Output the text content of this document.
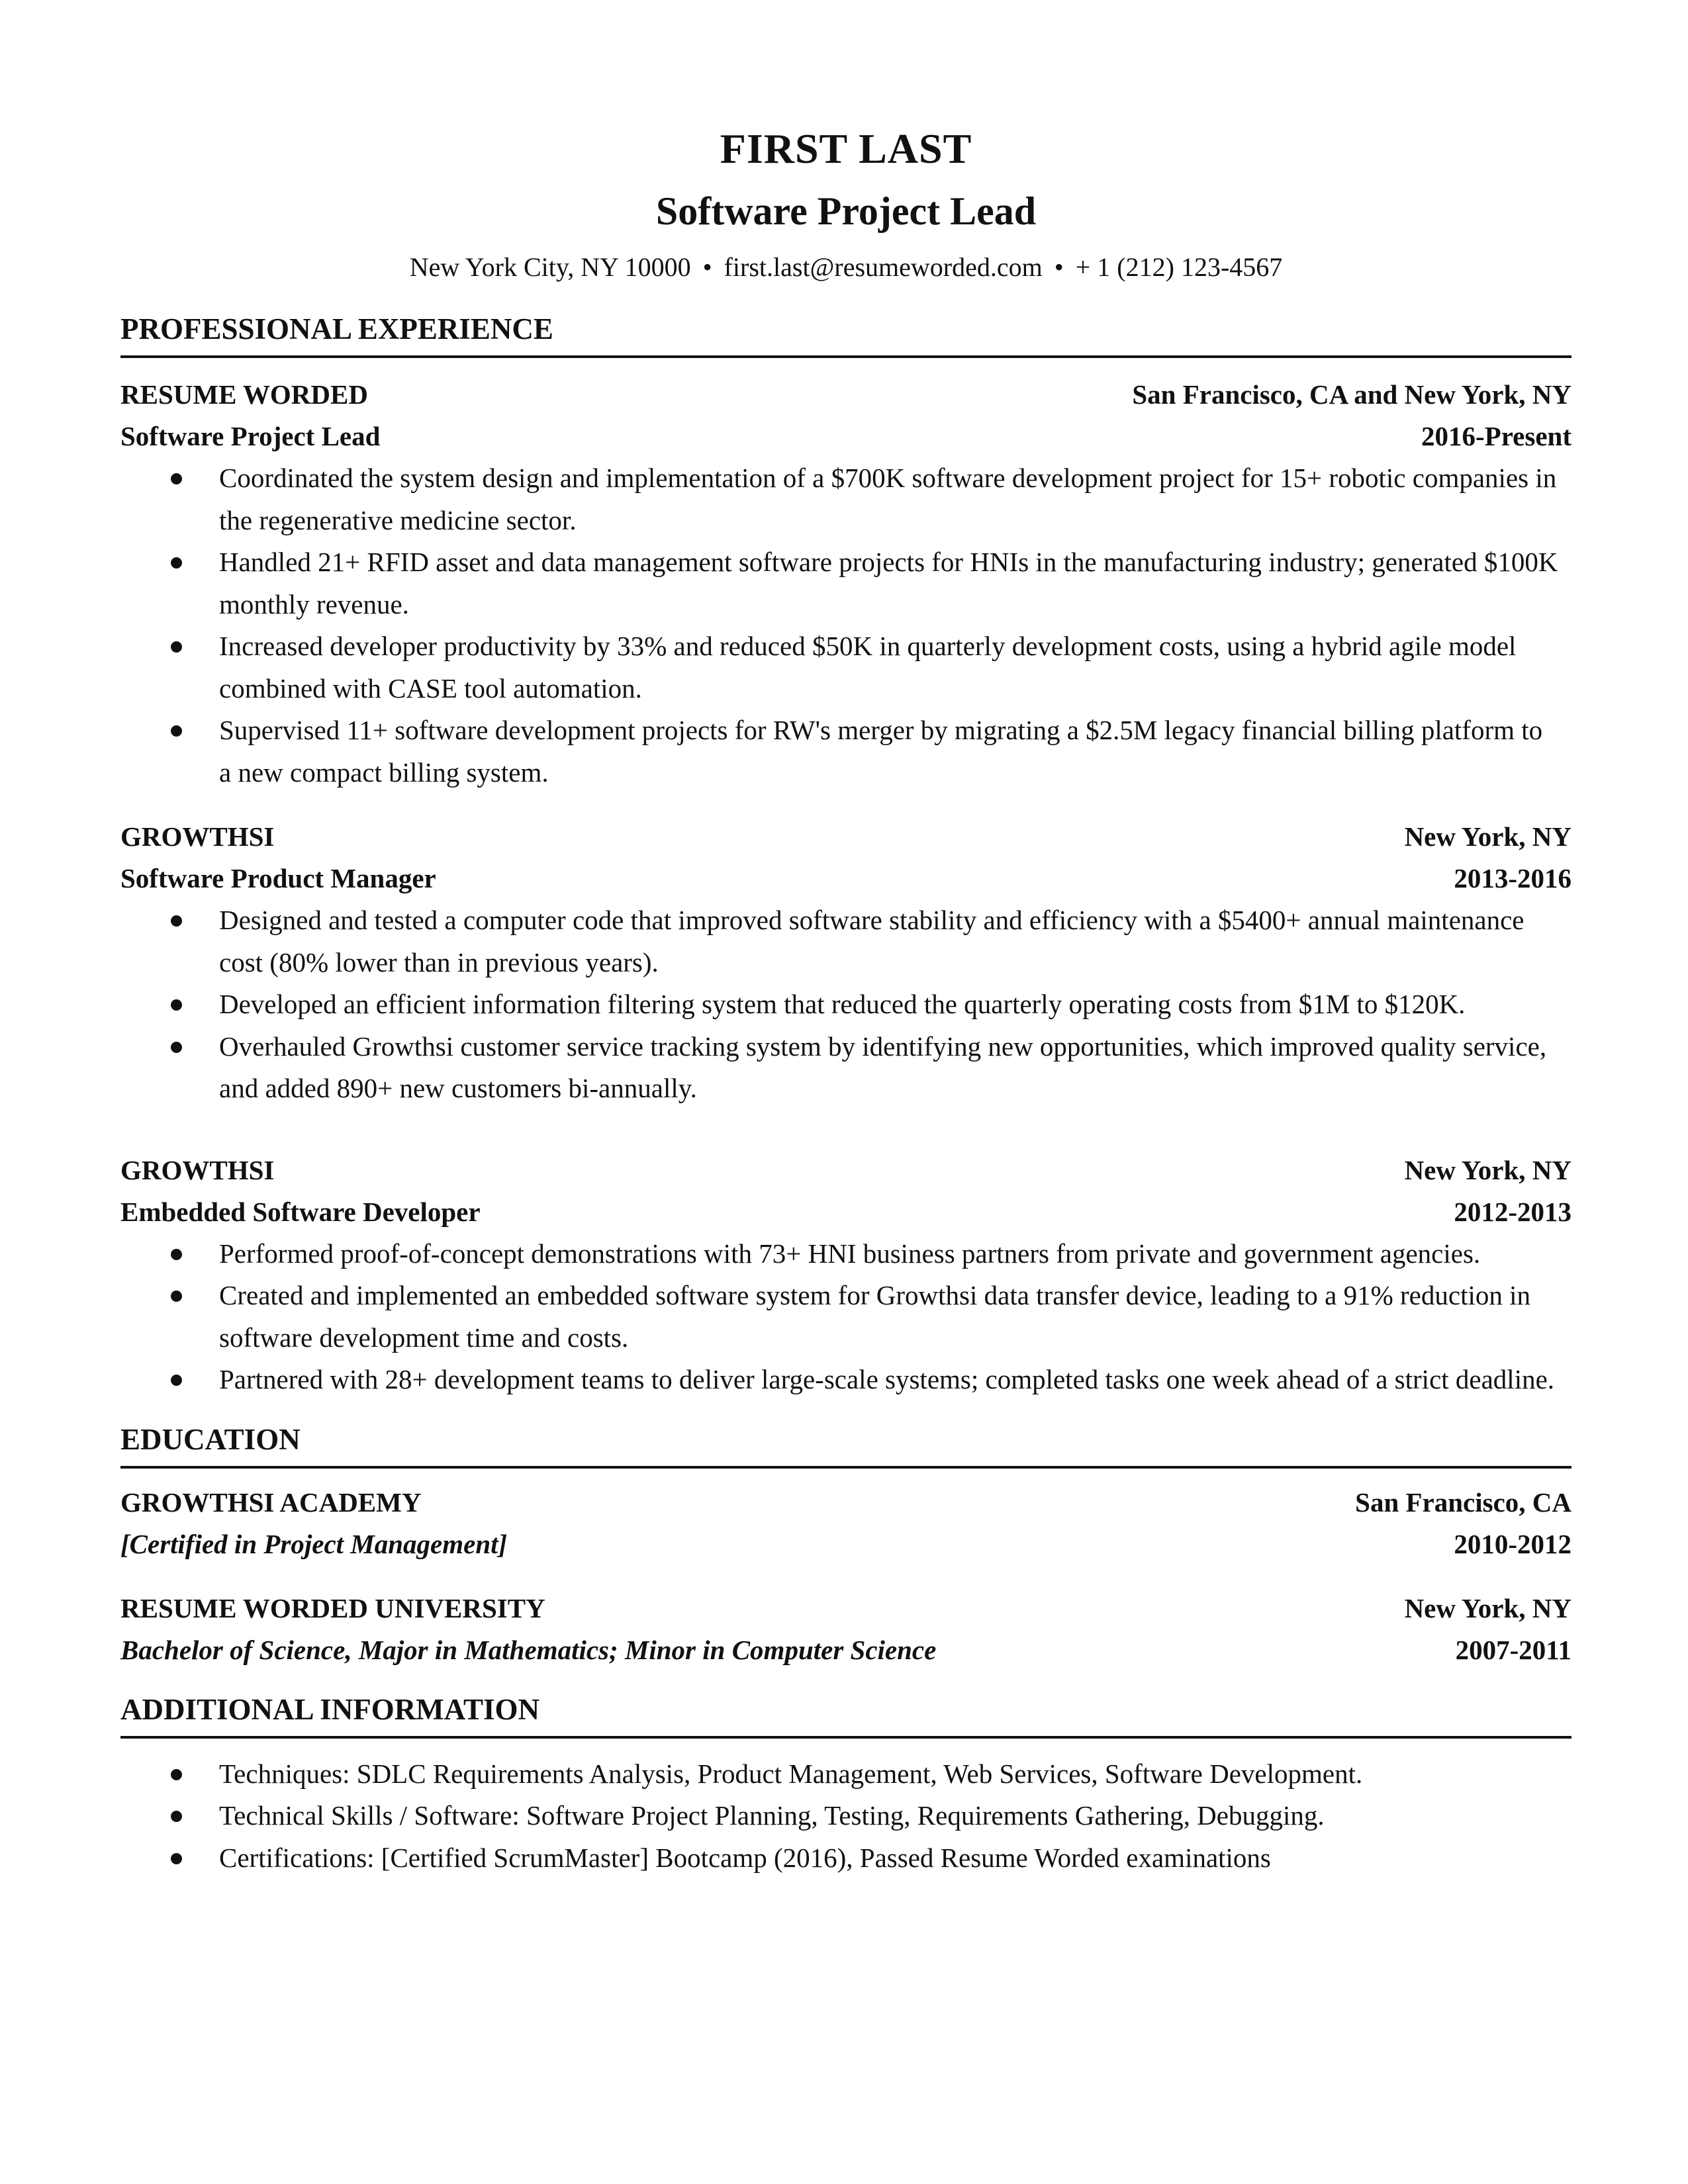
FIRST LAST
Software Project Lead
New York City, NY 10000 • first.last@resumeworded.com • + 1 (212) 123-4567
PROFESSIONAL EXPERIENCE
RESUME WORDED	San Francisco, CA and New York, NY
Software Project Lead	2016-Present
Coordinated the system design and implementation of a $700K software development project for 15+ robotic companies in the regenerative medicine sector.
Handled 21+ RFID asset and data management software projects for HNIs in the manufacturing industry; generated $100K monthly revenue.
Increased developer productivity by 33% and reduced $50K in quarterly development costs, using a hybrid agile model combined with CASE tool automation.
Supervised 11+ software development projects for RW's merger by migrating a $2.5M legacy financial billing platform to a new compact billing system.
GROWTHSI	New York, NY
Software Product Manager	2013-2016
Designed and tested a computer code that improved software stability and efficiency with a $5400+ annual maintenance cost (80% lower than in previous years).
Developed an efficient information filtering system that reduced the quarterly operating costs from $1M to $120K.
Overhauled Growthsi customer service tracking system by identifying new opportunities, which improved quality service, and added 890+ new customers bi-annually.
GROWTHSI	New York, NY
Embedded Software Developer	2012-2013
Performed proof-of-concept demonstrations with 73+ HNI business partners from private and government agencies.
Created and implemented an embedded software system for Growthsi data transfer device, leading to a 91% reduction in software development time and costs.
Partnered with 28+ development teams to deliver large-scale systems; completed tasks one week ahead of a strict deadline.
EDUCATION
GROWTHSI ACADEMY	San Francisco, CA
[Certified in Project Management]	2010-2012
RESUME WORDED UNIVERSITY	New York, NY
Bachelor of Science, Major in Mathematics; Minor in Computer Science	2007-2011
ADDITIONAL INFORMATION
Techniques: SDLC Requirements Analysis, Product Management, Web Services, Software Development.
Technical Skills / Software: Software Project Planning, Testing, Requirements Gathering, Debugging.
Certifications: [Certified ScrumMaster] Bootcamp (2016), Passed Resume Worded examinations
